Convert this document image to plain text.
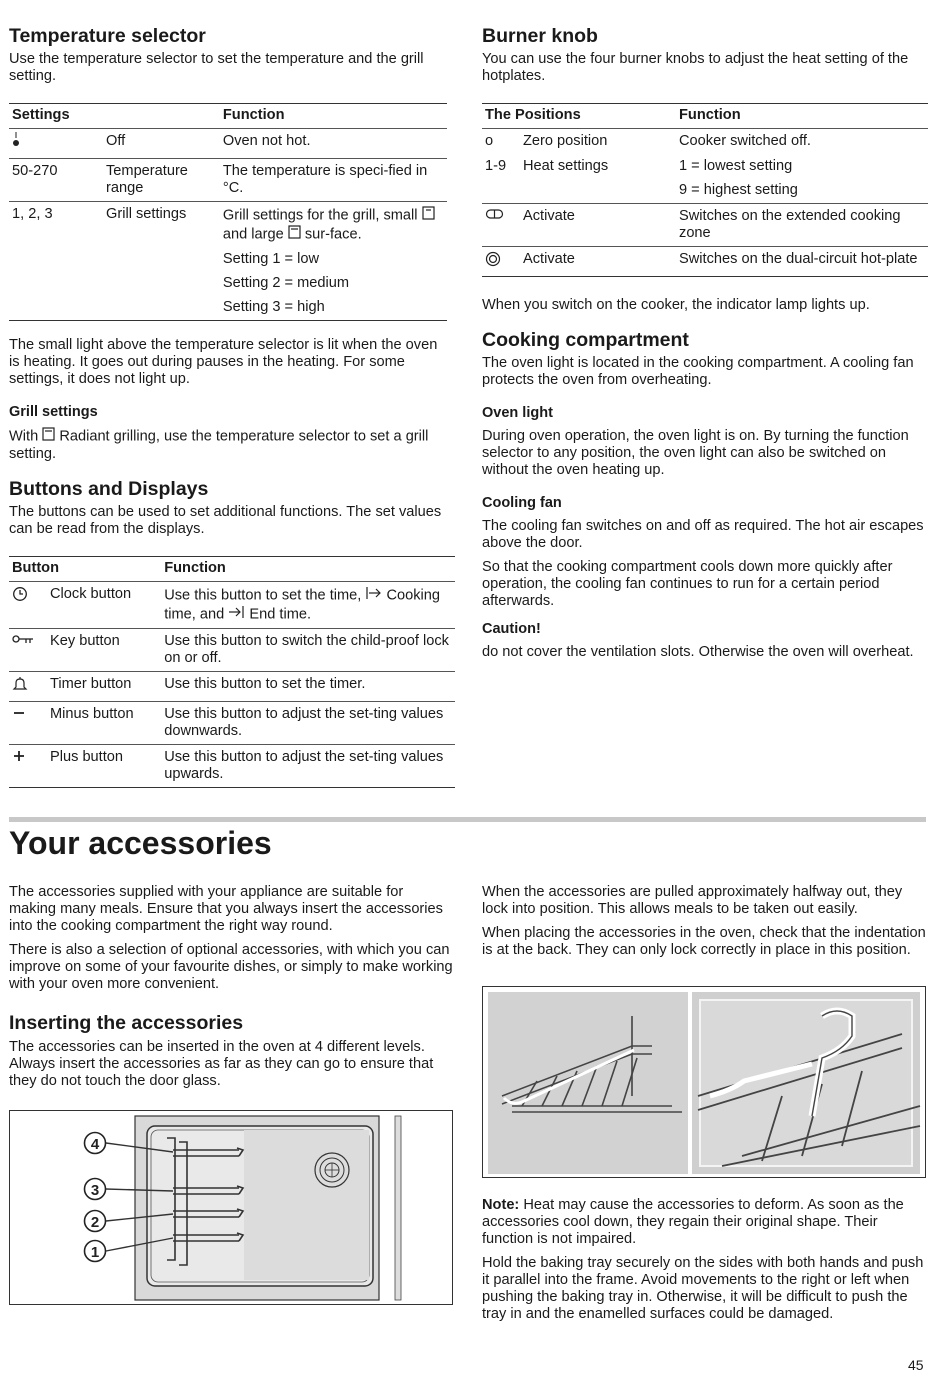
Temperature selector

Use the temperature selector to set the temperature and the grill setting.

Settings		Function
	Off	Oven not hot.
50-270	Temperature range	The temperature is speci-fied in °C.
1, 2, 3	Grill settings	Grill settings for the grill, small  and large sur-face.
Setting 1 = low
Setting 2 = medium
Setting 3 = high

The small light above the temperature selector is lit when the oven is heating. It goes out during pauses in the heating. For some settings, it does not light up.

Grill settings

With Radiant grilling, use the temperature selector to set a grill setting.

Buttons and Displays

The buttons can be used to set additional functions. The set values can be read from the displays.

Button		Function
	Clock button	Use this button to set the time, Cooking time, and End time.
	Key button	Use this button to switch the child-proof lock on or off.
	Timer button	Use this button to set the timer.
	Minus button	Use this button to adjust the set-ting values downwards.
	Plus button	Use this button to adjust the set-ting values upwards.
Burner knob

You can use the four burner knobs to adjust the heat setting of the hotplates.

The Positions		Function
o	Zero position	Cooker switched off.
1-9	Heat settings	1 = lowest setting
9 = highest setting

	Activate	Switches on the extended cooking zone
	Activate	Switches on the dual-circuit hot-plate

When you switch on the cooker, the indicator lamp lights up.

Cooking compartment

The oven light is located in the cooking compartment. A cooling fan protects the oven from overheating.

Oven light

During oven operation, the oven light is on. By turning the function selector to any position, the oven light can also be switched on without the oven heating up.

Cooling fan

The cooling fan switches on and off as required. The hot air escapes above the door.

So that the cooking compartment cools down more quickly after operation, the cooling fan continues to run for a certain period afterwards.

Caution!

do not cover the ventilation slots. Otherwise the oven will overheat.

Your accessories

The accessories supplied with your appliance are suitable for making many meals. Ensure that you always insert the accessories into the cooking compartment the right way round.

There is also a selection of optional accessories, with which you can improve on some of your favourite dishes, or simply to make working with your oven more convenient.

Inserting the accessories

The accessories can be inserted in the oven at 4 different levels. Always insert the accessories as far as they can go to ensure that they do not touch the door glass.

4
3
2
1

When the accessories are pulled approximately halfway out, they lock into position. This allows meals to be taken out easily.

When placing the accessories in the oven, check that the indentation is at the back. They can only lock correctly in place in this position.

Note: Heat may cause the accessories to deform. As soon as the accessories cool down, they regain their original shape. Their function is not impaired.

Hold the baking tray securely on the sides with both hands and push it parallel into the frame. Avoid movements to the right or left when pushing the baking tray in. Otherwise, it will be difficult to push the tray in and the enamelled surfaces could be damaged.

45
